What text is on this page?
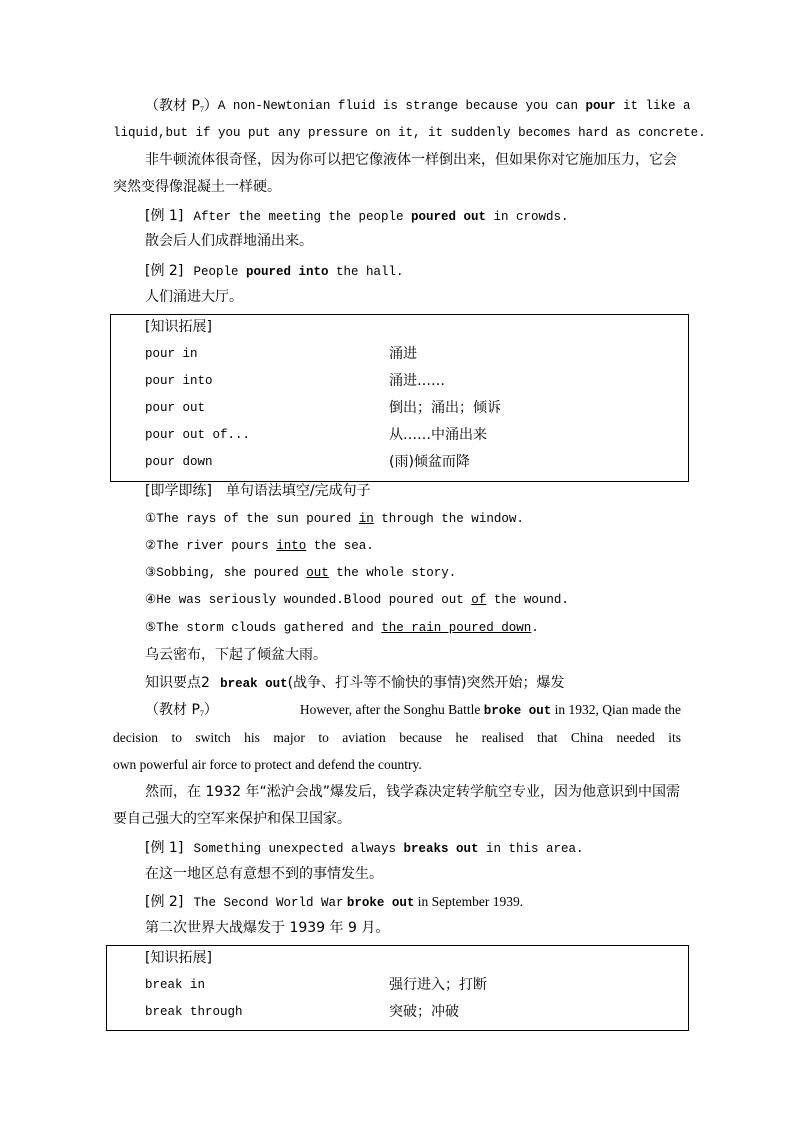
（教材 $P_7$） A non-Newtonian fluid is strange because you can pour it like a
liquid,but if you put any pressure on it, it suddenly becomes hard as concrete.
非牛顿流体很奇怪，因为你可以把它像液体一样倒出来，但如果你对它施加压力，它会
突然变得像混凝土一样硬。
[例 1] After the meeting the people poured out in crowds.
散会后人们成群地涌出来。
[例 2] People poured into the hall.
人们涌进大厅。
[知识拓展]
pour in	涌进
pour into	涌进……
pour out	倒出；涌出；倾诉
pour out of...	从……中涌出来
pour down	(雨)倾盆而降
[即学即练]　单句语法填空/完成句子
①The rays of the sun poured in through the window.
②The river pours into the sea.
③Sobbing, she poured out the whole story.
④He was seriously wounded.Blood poured out of the wound.
⑤The storm clouds gathered and the rain poured down.
乌云密布，下起了倾盆大雨。
知识要点2 break out(战争、打斗等不愉快的事情)突然开始；爆发
（教材 $P_7$）	However, after the Songhu Battle broke out in 1932, Qian made the
decision to switch his major to aviation because he realised that China needed its
own powerful air force to protect and defend the country.
然而，在 1932 年“淞沪会战”爆发后，钱学森决定转学航空专业，因为他意识到中国需
要自己强大的空军来保护和保卫国家。
[例 1] Something unexpected always breaks out in this area.
在这一地区总有意想不到的事情发生。
[例 2] The Second World War broke out in September 1939.
第二次世界大战爆发于 1939 年 9 月。
[知识拓展]
break in	强行进入；打断
break through	突破；冲破
